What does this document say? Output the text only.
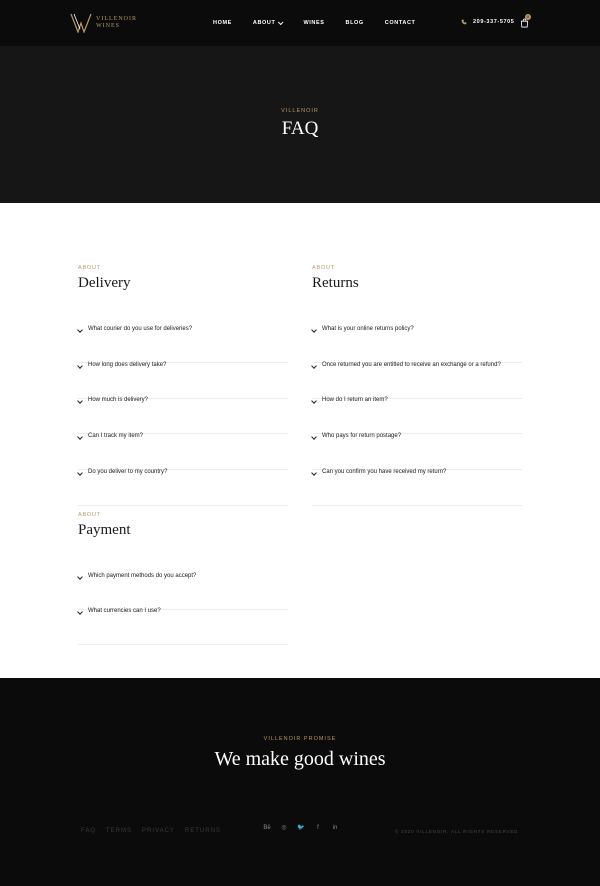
VILLENOIR
WINES	HOME	ABOUT	WINES	BLOG	CONTACT	209-337-5705
0
VILLENOIR
FAQ
ABOUT
Delivery
What courier do you use for deliveries?
How long does delivery take?
How much is delivery?
Can I track my item?
Do you deliver to my country?
ABOUT
Returns
What is your online returns policy?
Once returned you are entitled to receive an exchange or a refund?
How do I return an item?
Who pays for return postage?
Can you confirm you have received my return?
ABOUT
Payment
Which payment methods do you accept?
What currencies can I use?
VILLENOIR PROMISE
We make good wines
FAQ TERMS PRIVACY RETURNS	Bē ◎ 🐦	f	in
© 2020 VILLENOIR, ALL RIGHTS RESERVED
